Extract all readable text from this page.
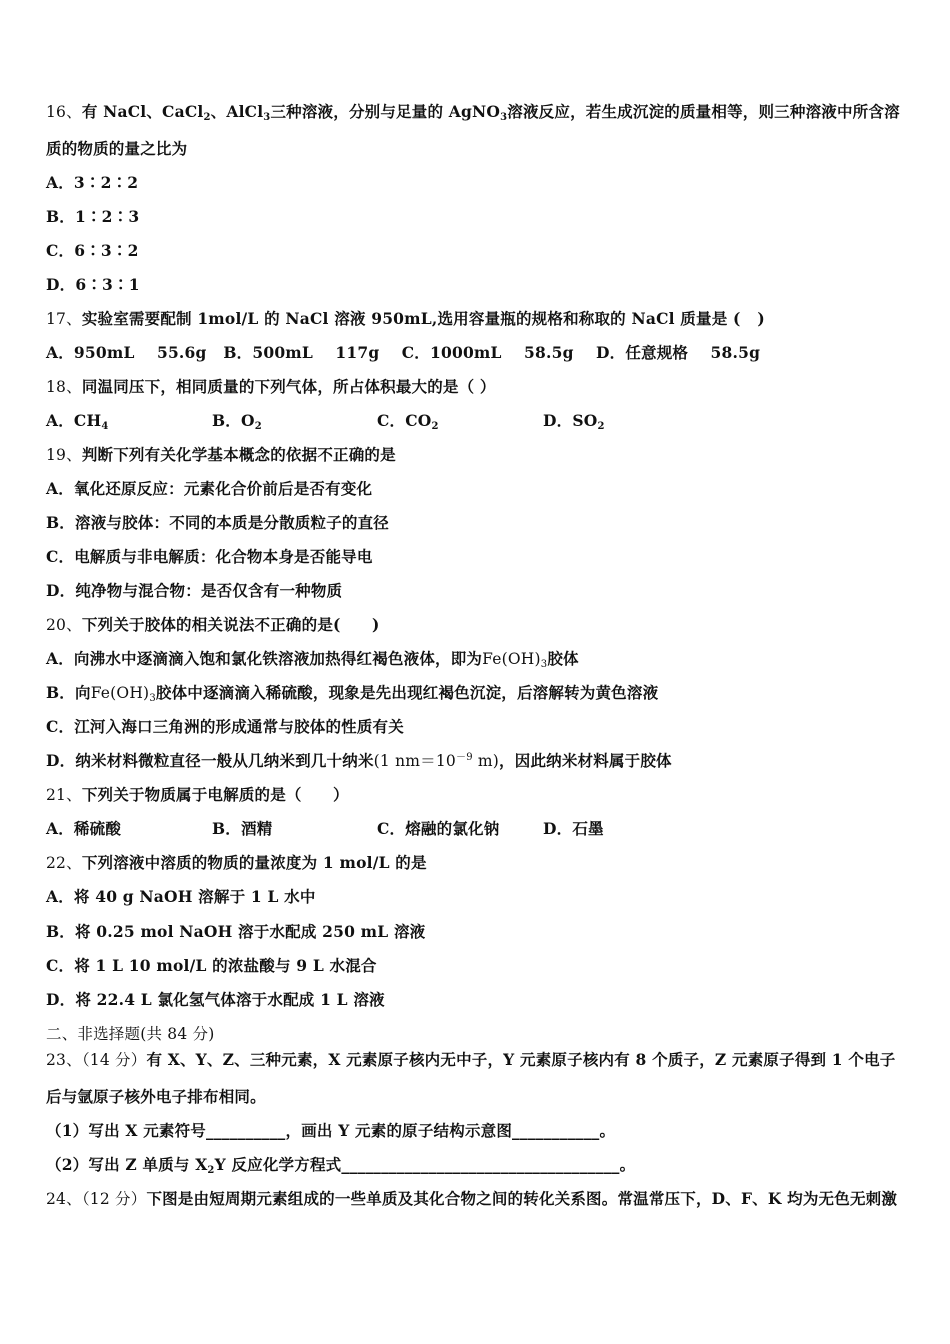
16、有 NaCl、CaCl$_2$、AlCl$_3$三种溶液，分别与足量的 AgNO$_3$溶液反应，若生成沉淀的质量相等，则三种溶液中所含溶
质的物质的量之比为
A．3∶2∶2
B．1∶2∶3
C．6∶3∶2
D．6∶3∶1
17、实验室需要配制 1mol/L 的 NaCl 溶液 950mL,选用容量瓶的规格和称取的 NaCl 质量是 (   )
A．950mL    55.6g   B．500mL    117g    C．1000mL    58.5g    D．任意规格    58.5g
18、同温同压下，相同质量的下列气体，所占体积最大的是（ ）
A．$CH_4$	B．$O_2$	C．$CO_2$	D．$SO_2$
19、判断下列有关化学基本概念的依据不正确的是
A．氧化还原反应：元素化合价前后是否有变化
B．溶液与胶体：不同的本质是分散质粒子的直径
C．电解质与非电解质：化合物本身是否能导电
D．纯净物与混合物：是否仅含有一种物质
20、下列关于胶体的相关说法不正确的是(　　)
A．向沸水中逐滴滴入饱和氯化铁溶液加热得红褐色液体，即为$Fe(OH)_3$胶体
B．向$Fe(OH)_3$胶体中逐滴滴入稀硫酸，现象是先出现红褐色沉淀，后溶解转为黄色溶液
C．江河入海口三角洲的形成通常与胶体的性质有关
D．纳米材料微粒直径一般从几纳米到几十纳米(1 $nm=10^{-9}$ m)，因此纳米材料属于胶体
21、下列关于物质属于电解质的是（　　）
A．稀硫酸	B．酒精	C．熔融的氯化钠	D．石墨
22、下列溶液中溶质的物质的量浓度为 1 mol/L 的是
A．将 40 g NaOH 溶解于 1 L 水中
B．将 0.25 mol NaOH 溶于水配成 250 mL 溶液
C．将 1 L 10 mol/L 的浓盐酸与 9 L 水混合
D．将 22.4 L 氯化氢气体溶于水配成 1 L 溶液
二、非选择题(共 84 分)
23、（14 分）有 X、Y、Z、三种元素，X 元素原子核内无中子，Y 元素原子核内有 8 个质子，Z 元素原子得到 1 个电子
后与氩原子核外电子排布相同。
（1）写出 X 元素符号__________，画出 Y 元素的原子结构示意图___________。
（2）写出 Z 单质与 $X_2Y$ 反应化学方程式___________________________________。
24、（12 分）下图是由短周期元素组成的一些单质及其化合物之间的转化关系图。常温常压下，D、F、K 均为无色无刺激
